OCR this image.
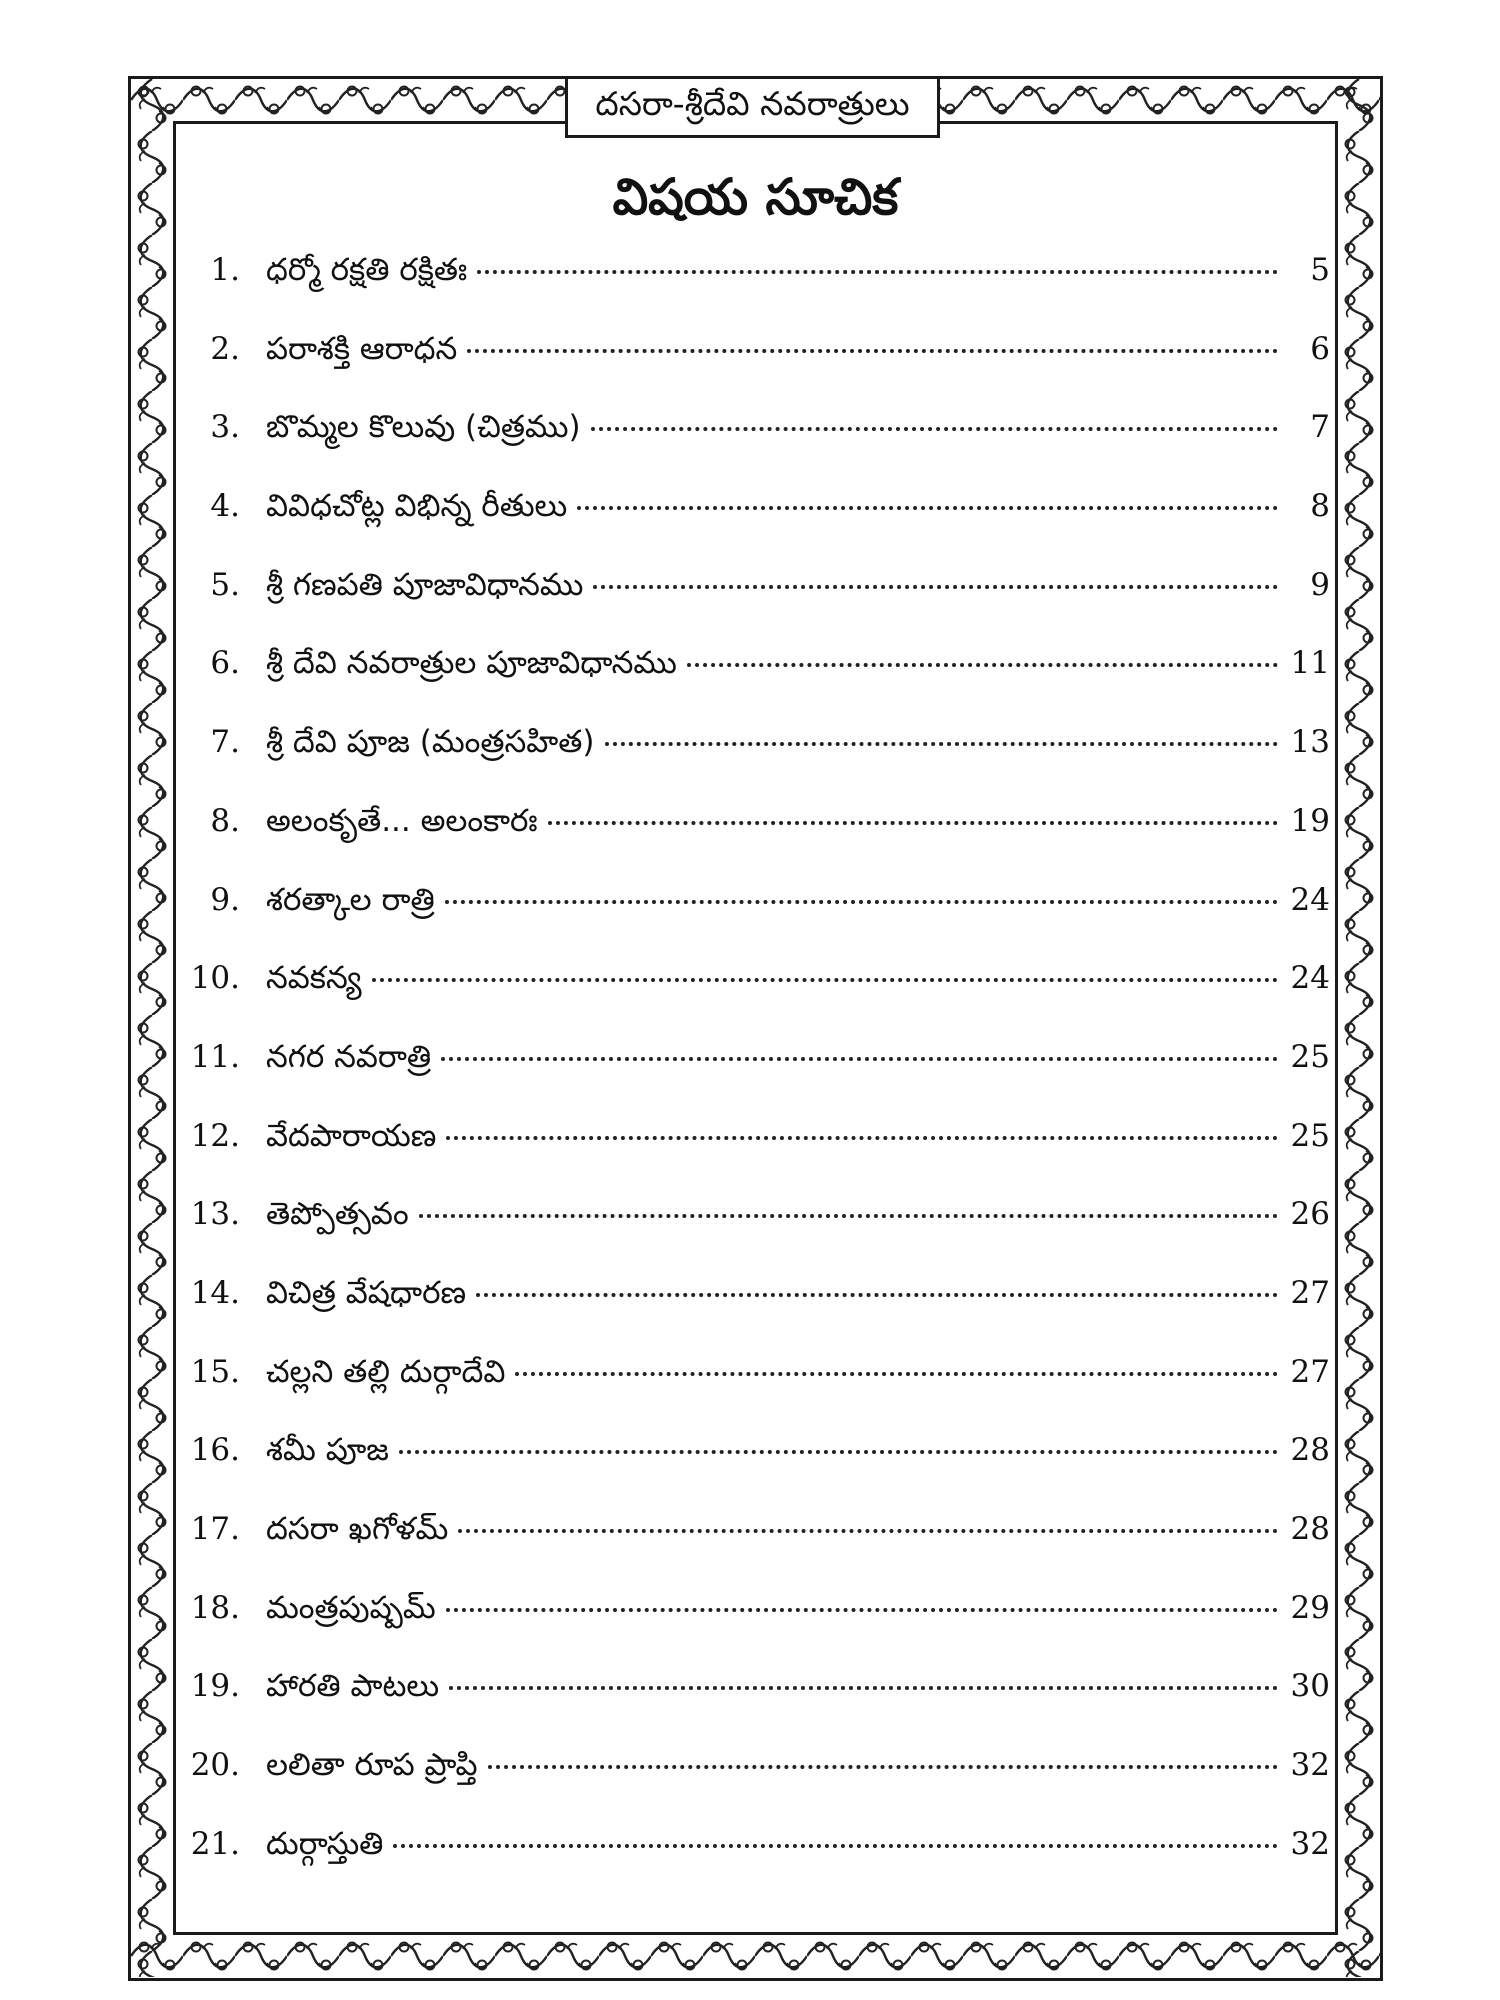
దసరా-శ్రీదేవి నవరాత్రులు
విషయ సూచిక
1. ధర్మో రక్షతి రక్షితః	5
2. పరాశక్తి ఆరాధన	6
3. బొమ్మల కొలువు (చిత్రము)	7
4. వివిధచోట్ల విభిన్న రీతులు	8
5. శ్రీ గణపతి పూజావిధానము	9
6. శ్రీ దేవి నవరాత్రుల పూజావిధానము	11
7. శ్రీ దేవి పూజ (మంత్రసహిత)	13
8. అలంకృతే... అలంకారః	19
9. శరత్కాల రాత్రి	24
10. నవకన్య	24
11. నగర నవరాత్రి	25
12. వేదపారాయణ	25
13. తెప్పోత్సవం	26
14. విచిత్ర వేషధారణ	27
15. చల్లని తల్లి దుర్గాదేవి	27
16. శమీ పూజ	28
17. దసరా ఖగోళమ్	28
18. మంత్రపుష్పమ్	29
19. హారతి పాటలు	30
20. లలితా రూప ప్రాప్తి	32
21. దుర్గాస్తుతి	32
